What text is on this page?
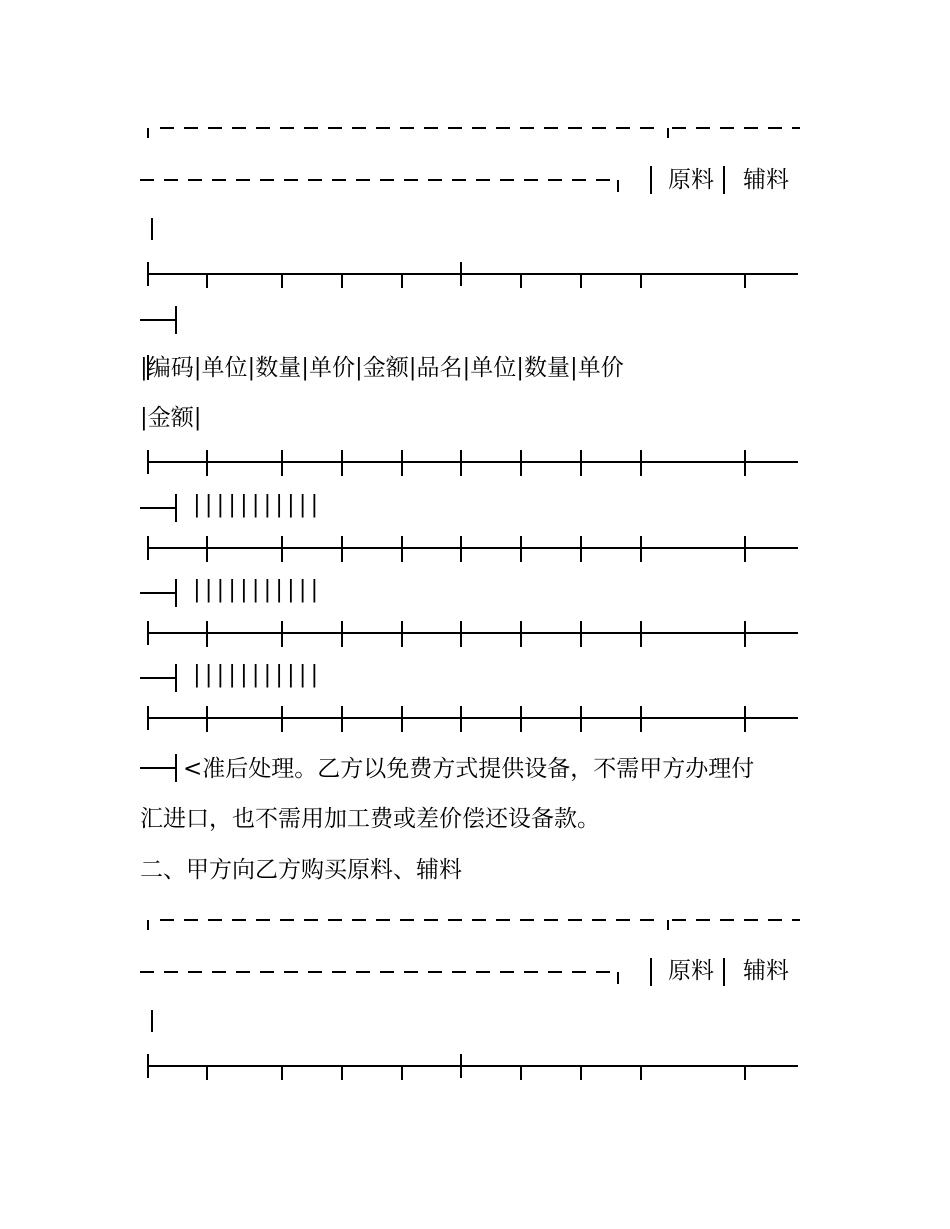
原料 辅料
|编码|单位|数量|单价|金额|品名|单位|数量|单价
|金额|
|||||||||||
|||||||||||
|||||||||||
<准后处理。乙方以免费方式提供设备，不需甲方办理付
汇进口，也不需用加工费或差价偿还设备款。
二、甲方向乙方购买原料、辅料
原料 辅料
